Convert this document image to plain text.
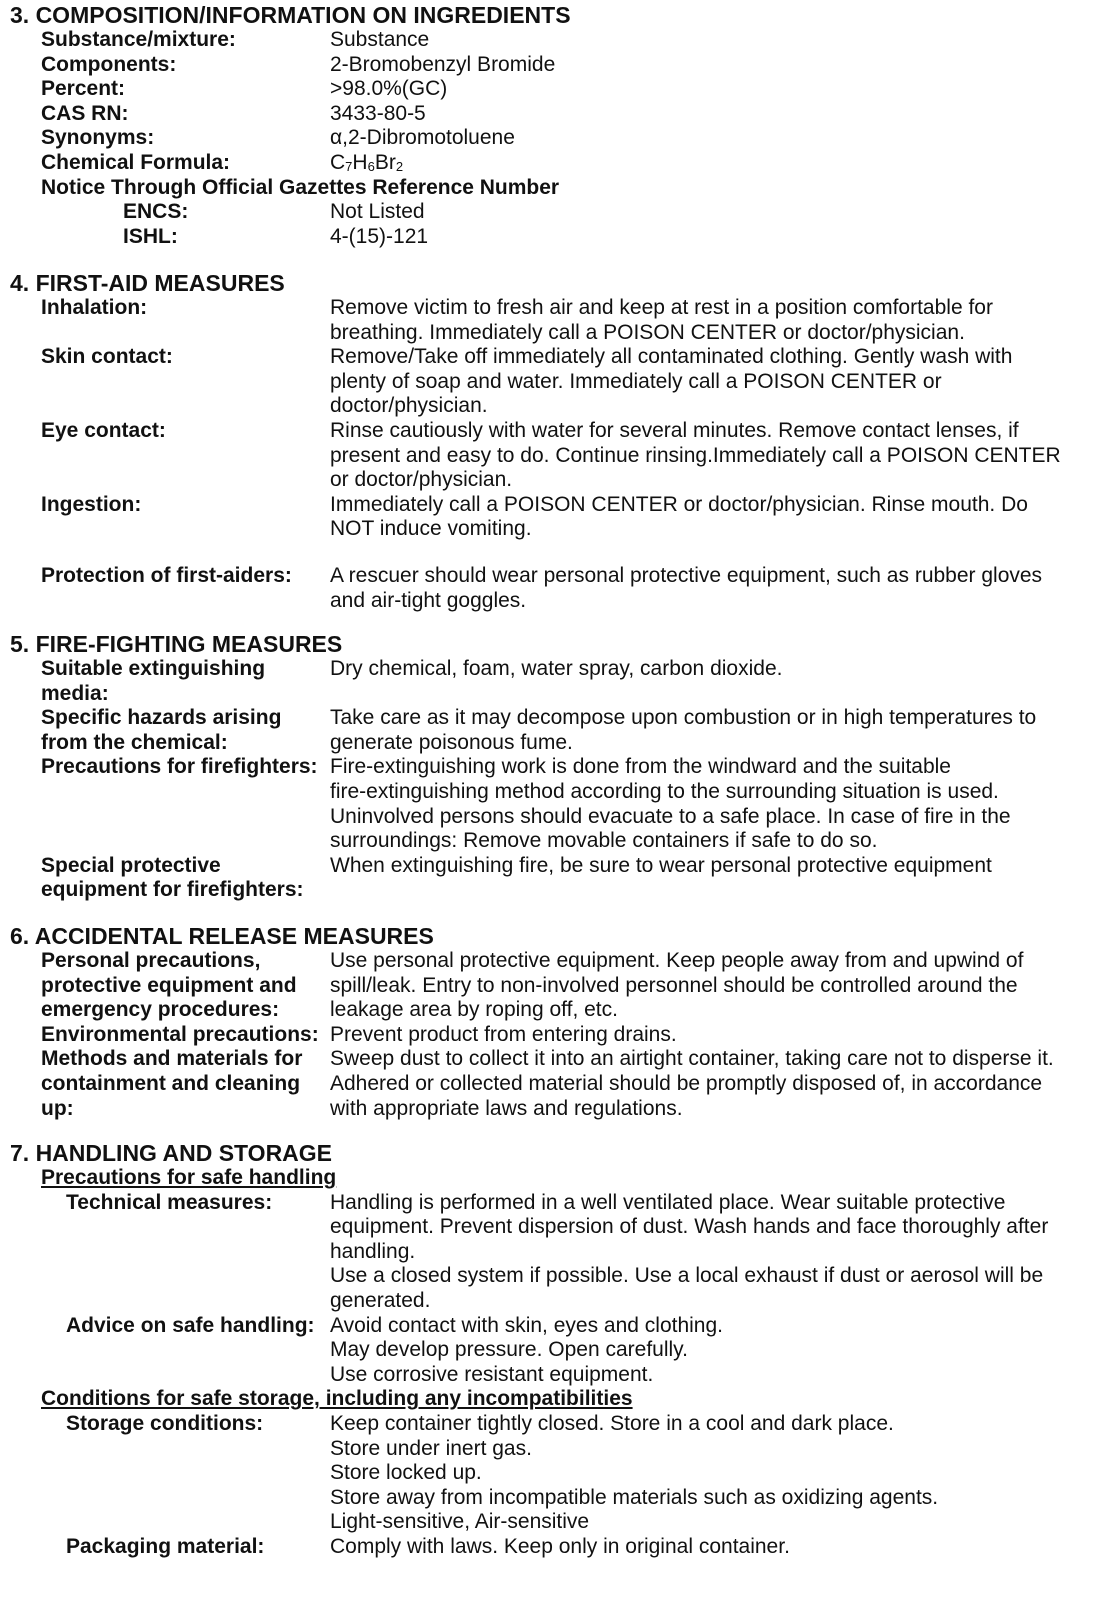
3. COMPOSITION/INFORMATION ON INGREDIENTS
Substance/mixture:	Substance
Components:	2-Bromobenzyl Bromide
Percent:	>98.0%(GC)
CAS RN:	3433-80-5
Synonyms:	α,2-Dibromotoluene
Chemical Formula:	$C_7H_6Br_2$
Notice Through Official Gazettes Reference Number
ENCS:	Not Listed
ISHL:	4-(15)-121
4. FIRST-AID MEASURES
Inhalation:	Remove victim to fresh air and keep at rest in a position comfortable for
breathing. Immediately call a POISON CENTER or doctor/physician.
Skin contact:	Remove/Take off immediately all contaminated clothing. Gently wash with
plenty of soap and water. Immediately call a POISON CENTER or
doctor/physician.
Eye contact:	Rinse cautiously with water for several minutes. Remove contact lenses, if
present and easy to do. Continue rinsing.Immediately call a POISON CENTER
or doctor/physician.
Ingestion:	Immediately call a POISON CENTER or doctor/physician. Rinse mouth. Do
NOT induce vomiting.
Protection of first-aiders:	A rescuer should wear personal protective equipment, such as rubber gloves
and air-tight goggles.
5. FIRE-FIGHTING MEASURES
Suitable extinguishing
media:
Dry chemical, foam, water spray, carbon dioxide.

Specific hazards arising
from the chemical:
Take care as it may decompose upon combustion or in high temperatures to
generate poisonous fume.
Precautions for firefighters: Fire-extinguishing work is done from the windward and the suitable
fire-extinguishing method according to the surrounding situation is used.
Uninvolved persons should evacuate to a safe place. In case of fire in the
surroundings: Remove movable containers if safe to do so.
Special protective
equipment for firefighters:
When extinguishing fire, be sure to wear personal protective equipment

6. ACCIDENTAL RELEASE MEASURES
Personal precautions,
protective equipment and
emergency procedures:
Use personal protective equipment. Keep people away from and upwind of
spill/leak. Entry to non-involved personnel should be controlled around the
leakage area by roping off, etc.
Environmental precautions: Prevent product from entering drains.
Methods and materials for
containment and cleaning
up:
Sweep dust to collect it into an airtight container, taking care not to disperse it.
Adhered or collected material should be promptly disposed of, in accordance
with appropriate laws and regulations.
7. HANDLING AND STORAGE
Precautions for safe handling
Technical measures:	Handling is performed in a well ventilated place. Wear suitable protective
equipment. Prevent dispersion of dust. Wash hands and face thoroughly after
handling.
Use a closed system if possible. Use a local exhaust if dust or aerosol will be
generated.
Advice on safe handling: Avoid contact with skin, eyes and clothing.
May develop pressure. Open carefully.
Use corrosive resistant equipment.
Conditions for safe storage, including any incompatibilities
Storage conditions:	Keep container tightly closed. Store in a cool and dark place.
Store under inert gas.
Store locked up.
Store away from incompatible materials such as oxidizing agents.
Light-sensitive, Air-sensitive
Packaging material:	Comply with laws. Keep only in original container.
